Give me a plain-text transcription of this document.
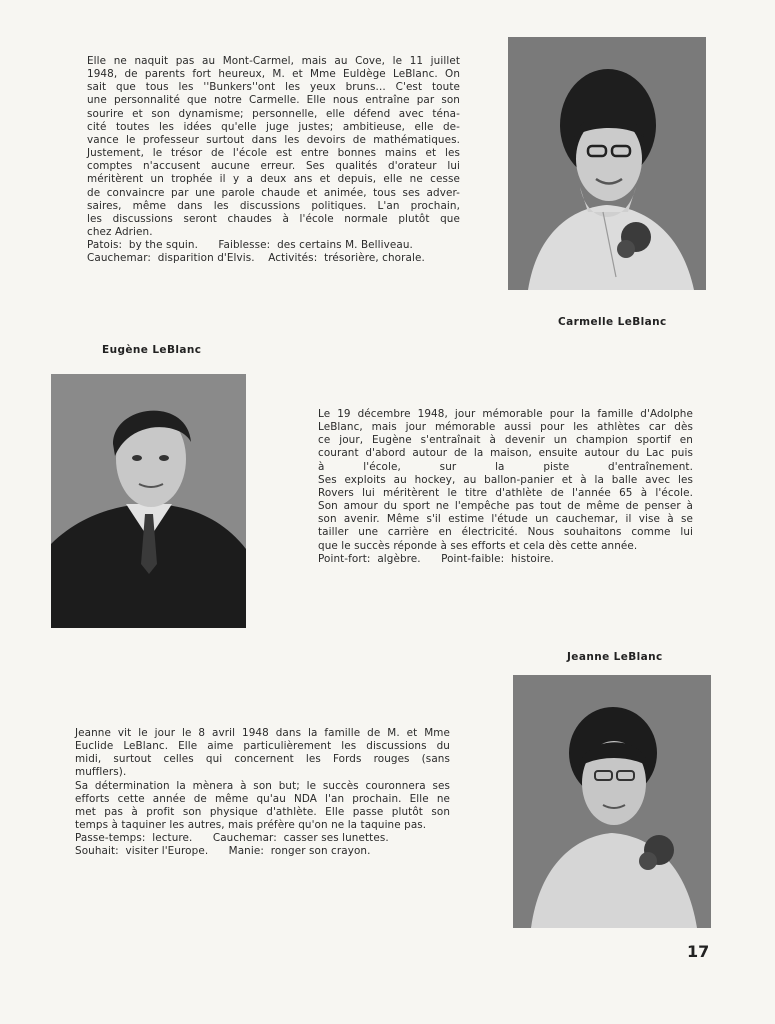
Elle ne naquit pas au Mont-Carmel, mais au Cove, le 11 juillet

1948, de parents fort heureux, M. et Mme Euldège LeBlanc. On

sait que tous les ''Bunkers''ont les yeux bruns... C'est toute

une personnalité que notre Carmelle. Elle nous entraîne par son

sourire et son dynamisme; personnelle, elle défend avec téna-

cité toutes les idées qu'elle juge justes; ambitieuse, elle de-

vance le professeur surtout dans les devoirs de mathématiques.

Justement, le trésor de l'école est entre bonnes mains et les

comptes n'accusent aucune erreur. Ses qualités d'orateur lui

méritèrent un trophée il y a deux ans et depuis, elle ne cesse

de convaincre par une parole chaude et animée, tous ses adver-

saires, même dans les discussions politiques. L'an prochain,

les discussions seront chaudes à l'école normale plutôt que

chez Adrien.

Patois:  by the squin.      Faiblesse:  des certains M. Belliveau.

Cauchemar:  disparition d'Elvis.    Activités:  trésorière, chorale.

Carmelle LeBlanc
Eugène LeBlanc

Le 19 décembre 1948, jour mémorable pour la famille d'Adolphe

LeBlanc, mais jour mémorable aussi pour les athlètes car dès

ce jour, Eugène s'entraînait à devenir un champion sportif en

courant d'abord autour de la maison, ensuite autour du Lac puis

à l'école, sur la piste d'entraînement.

Ses exploits au hockey, au ballon-panier et à la balle avec les

Rovers lui méritèrent le titre d'athlète de l'année 65 à l'école.

Son amour du sport ne l'empêche pas tout de même de penser à

son avenir. Même s'il estime l'étude un cauchemar, il vise à se

tailler une carrière en électricité. Nous souhaitons comme lui

que le succès réponde à ses efforts et cela dès cette année.

Point-fort:  algèbre.      Point-faible:  histoire.

Jeanne LeBlanc

Jeanne vit le jour le 8 avril 1948 dans la famille de M. et Mme

Euclide LeBlanc. Elle aime particulièrement les discussions du

midi, surtout celles qui concernent les Fords rouges (sans

mufflers).

Sa détermination la mènera à son but; le succès couronnera ses

efforts cette année de même qu'au NDA l'an prochain. Elle ne

met pas à profit son physique d'athlète. Elle passe plutôt son

temps à taquiner les autres, mais préfère qu'on ne la taquine pas.

Passe-temps:  lecture.      Cauchemar:  casser ses lunettes.

Souhait:  visiter l'Europe.      Manie:  ronger son crayon.

17
